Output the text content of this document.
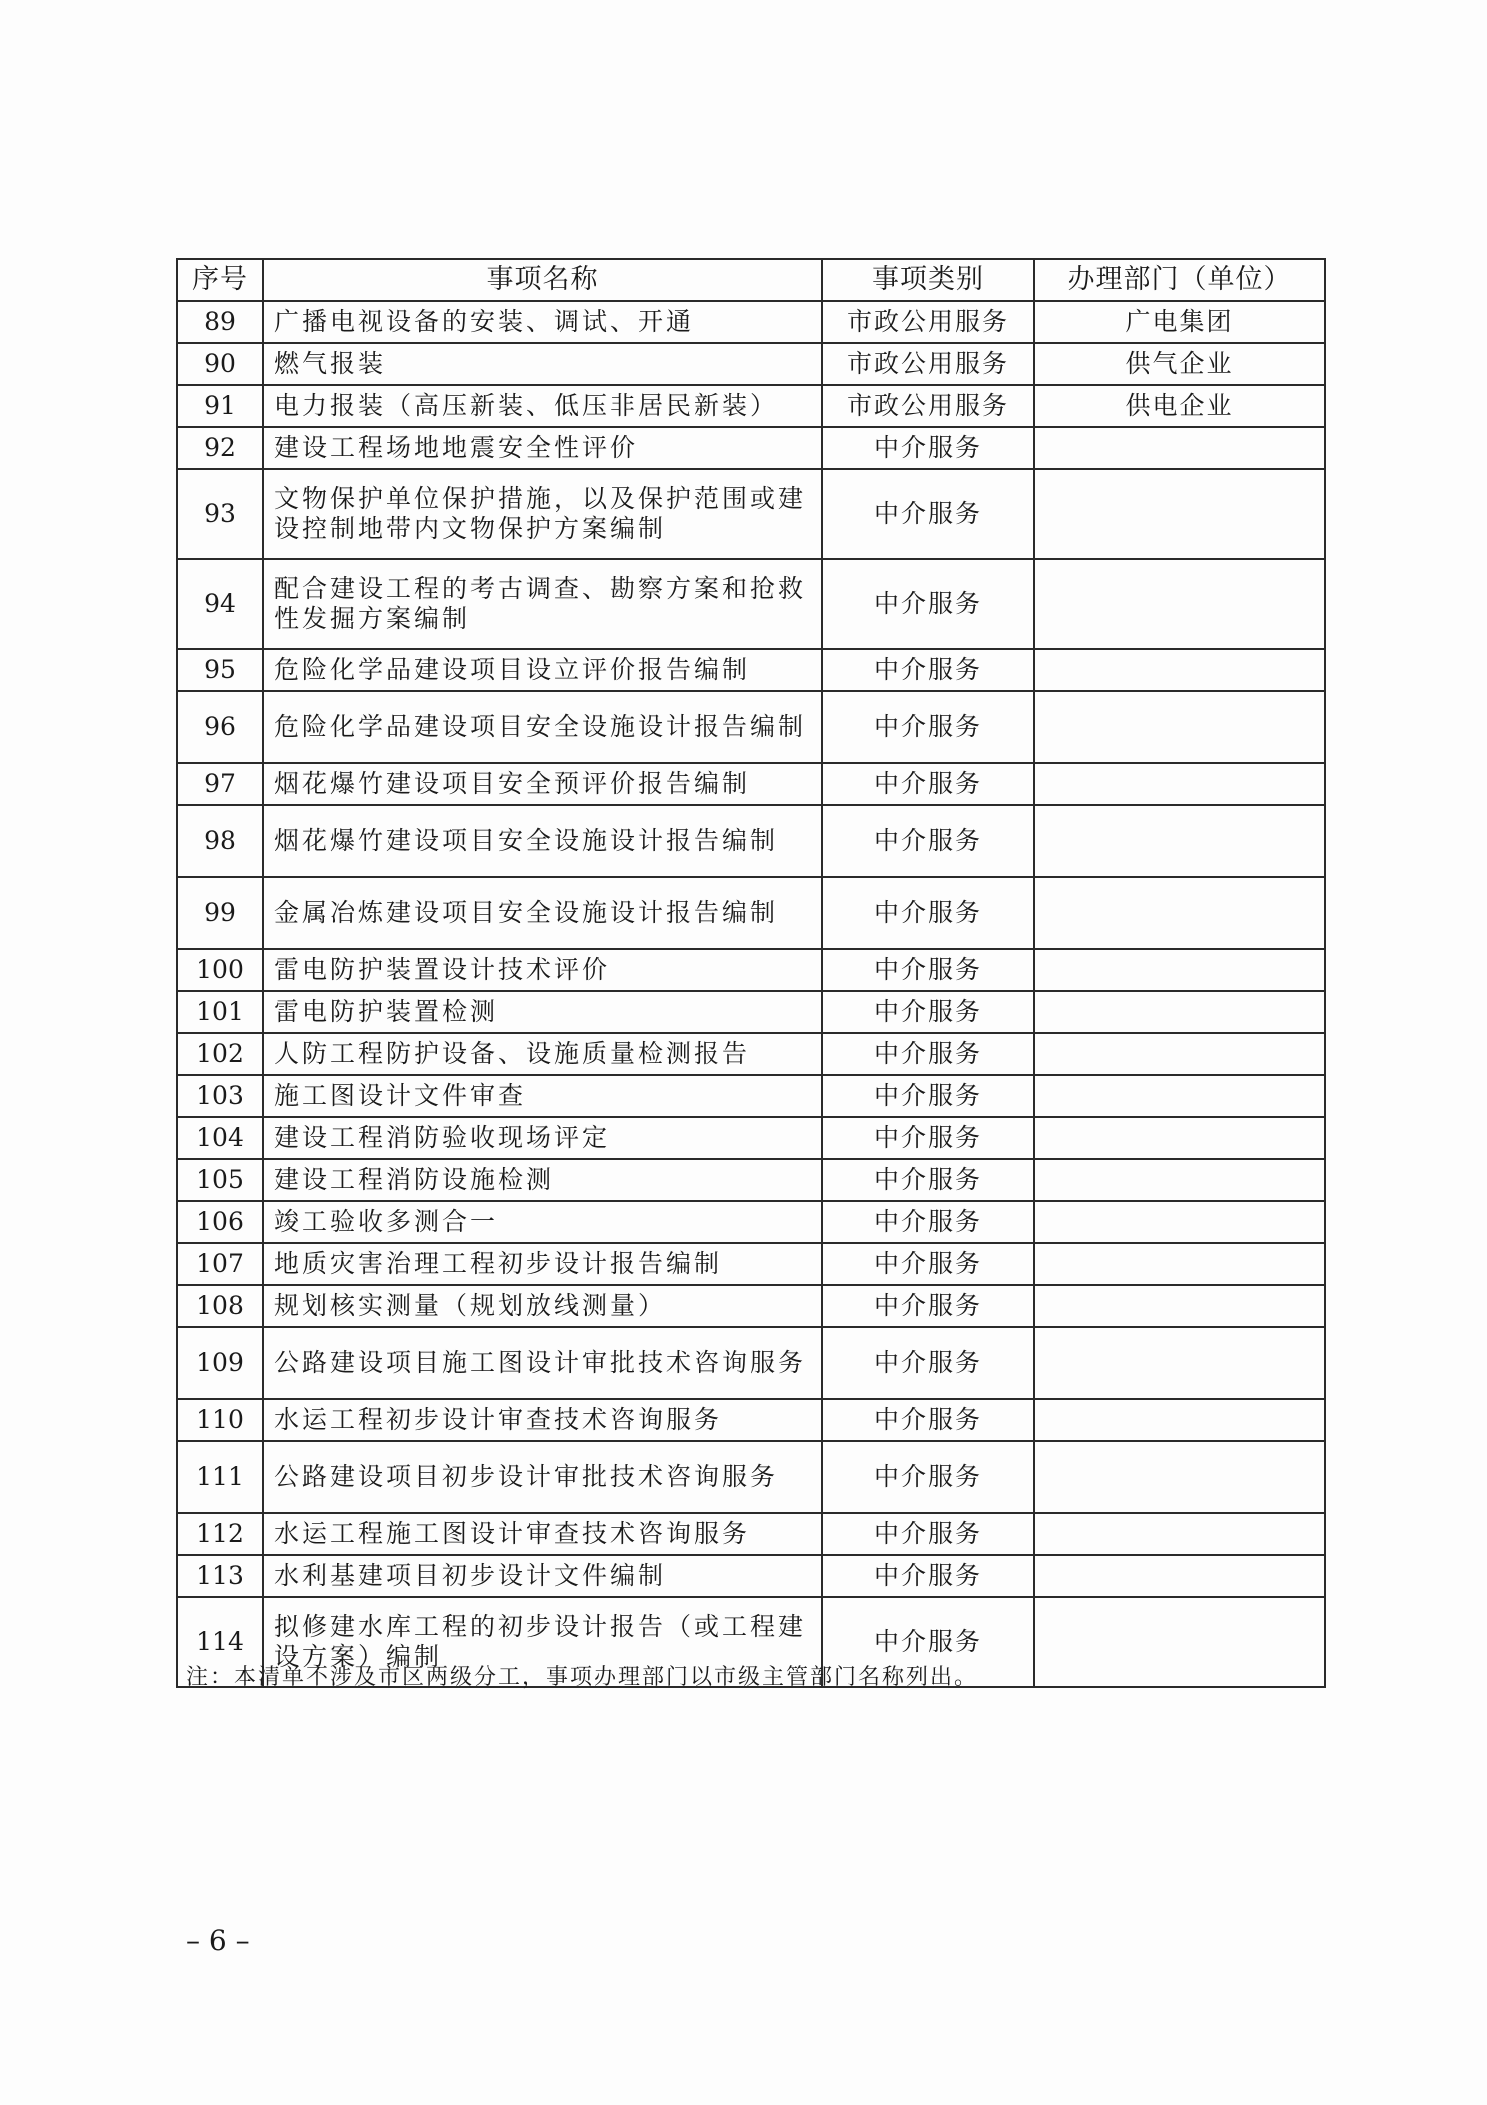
序号	事项名称	事项类别	办理部门（单位）
89	广播电视设备的安装、调试、开通	市政公用服务	广电集团
90	燃气报装	市政公用服务	供气企业
91	电力报装（高压新装、低压非居民新装）	市政公用服务	供电企业
92	建设工程场地地震安全性评价	中介服务	
93	文物保护单位保护措施，以及保护范围或建设控制地带内文物保护方案编制	中介服务	
94	配合建设工程的考古调查、勘察方案和抢救性发掘方案编制	中介服务	
95	危险化学品建设项目设立评价报告编制	中介服务	
96	危险化学品建设项目安全设施设计报告编制	中介服务	
97	烟花爆竹建设项目安全预评价报告编制	中介服务	
98	烟花爆竹建设项目安全设施设计报告编制	中介服务	
99	金属冶炼建设项目安全设施设计报告编制	中介服务	
100	雷电防护装置设计技术评价	中介服务	
101	雷电防护装置检测	中介服务	
102	人防工程防护设备、设施质量检测报告	中介服务	
103	施工图设计文件审查	中介服务	
104	建设工程消防验收现场评定	中介服务	
105	建设工程消防设施检测	中介服务	
106	竣工验收多测合一	中介服务	
107	地质灾害治理工程初步设计报告编制	中介服务	
108	规划核实测量（规划放线测量）	中介服务	
109	公路建设项目施工图设计审批技术咨询服务	中介服务	
110	水运工程初步设计审查技术咨询服务	中介服务	
111	公路建设项目初步设计审批技术咨询服务	中介服务	
112	水运工程施工图设计审查技术咨询服务	中介服务	
113	水利基建项目初步设计文件编制	中介服务	
114	拟修建水库工程的初步设计报告（或工程建设方案）编制	中介服务	
注：本清单不涉及市区两级分工，事项办理部门以市级主管部门名称列出。
– 6 –
